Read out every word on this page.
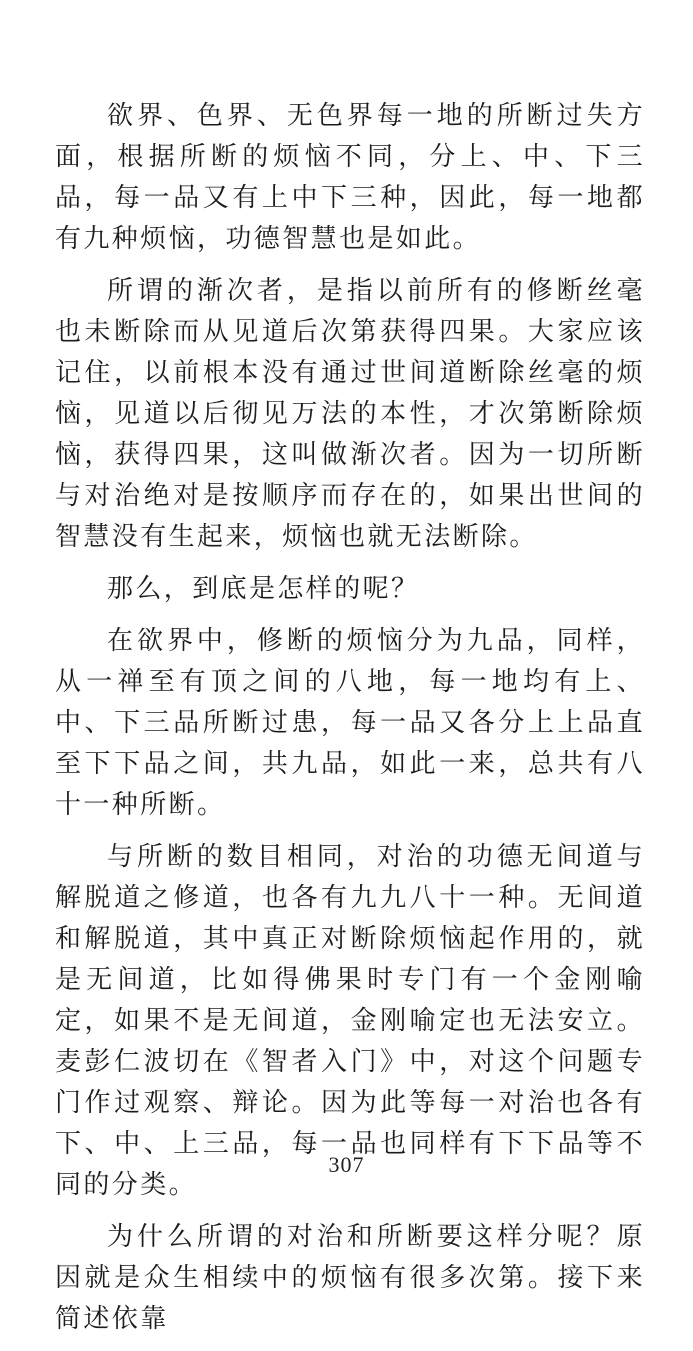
欲界、色界、无色界每一地的所断过失方面，根据所断的烦恼不同，分上、中、下三品，每一品又有上中下三种，因此，每一地都有九种烦恼，功德智慧也是如此。

所谓的渐次者，是指以前所有的修断丝毫也未断除而从见道后次第获得四果。大家应该记住，以前根本没有通过世间道断除丝毫的烦恼，见道以后彻见万法的本性，才次第断除烦恼，获得四果，这叫做渐次者。因为一切所断与对治绝对是按顺序而存在的，如果出世间的智慧没有生起来，烦恼也就无法断除。

那么，到底是怎样的呢？

在欲界中，修断的烦恼分为九品，同样，从一禅至有顶之间的八地，每一地均有上、中、下三品所断过患，每一品又各分上上品直至下下品之间，共九品，如此一来，总共有八十一种所断。

与所断的数目相同，对治的功德无间道与解脱道之修道，也各有九九八十一种。无间道和解脱道，其中真正对断除烦恼起作用的，就是无间道，比如得佛果时专门有一个金刚喻定，如果不是无间道，金刚喻定也无法安立。麦彭仁波切在《智者入门》中，对这个问题专门作过观察、辩论。因为此等每一对治也各有下、中、上三品，每一品也同样有下下品等不同的分类。

为什么所谓的对治和所断要这样分呢？原因就是众生相续中的烦恼有很多次第。接下来简述依靠

307
